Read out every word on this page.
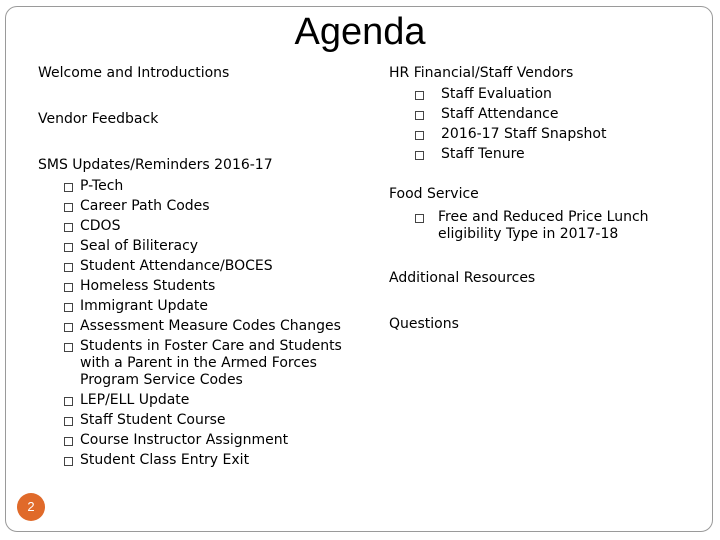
Agenda
Welcome and Introductions
Vendor Feedback
SMS Updates/Reminders 2016-17
P-Tech
Career Path Codes
CDOS
Seal of Biliteracy
Student Attendance/BOCES
Homeless Students
Immigrant Update
Assessment Measure Codes Changes
Students in Foster Care and Students
with a Parent in the Armed Forces
Program Service Codes
LEP/ELL Update
Staff Student Course
Course Instructor Assignment
Student Class Entry Exit
HR Financial/Staff Vendors
Staff Evaluation
Staff Attendance
2016-17 Staff Snapshot
Staff Tenure
Food Service
Free and Reduced Price Lunch
eligibility Type in 2017-18
Additional Resources
Questions
2
